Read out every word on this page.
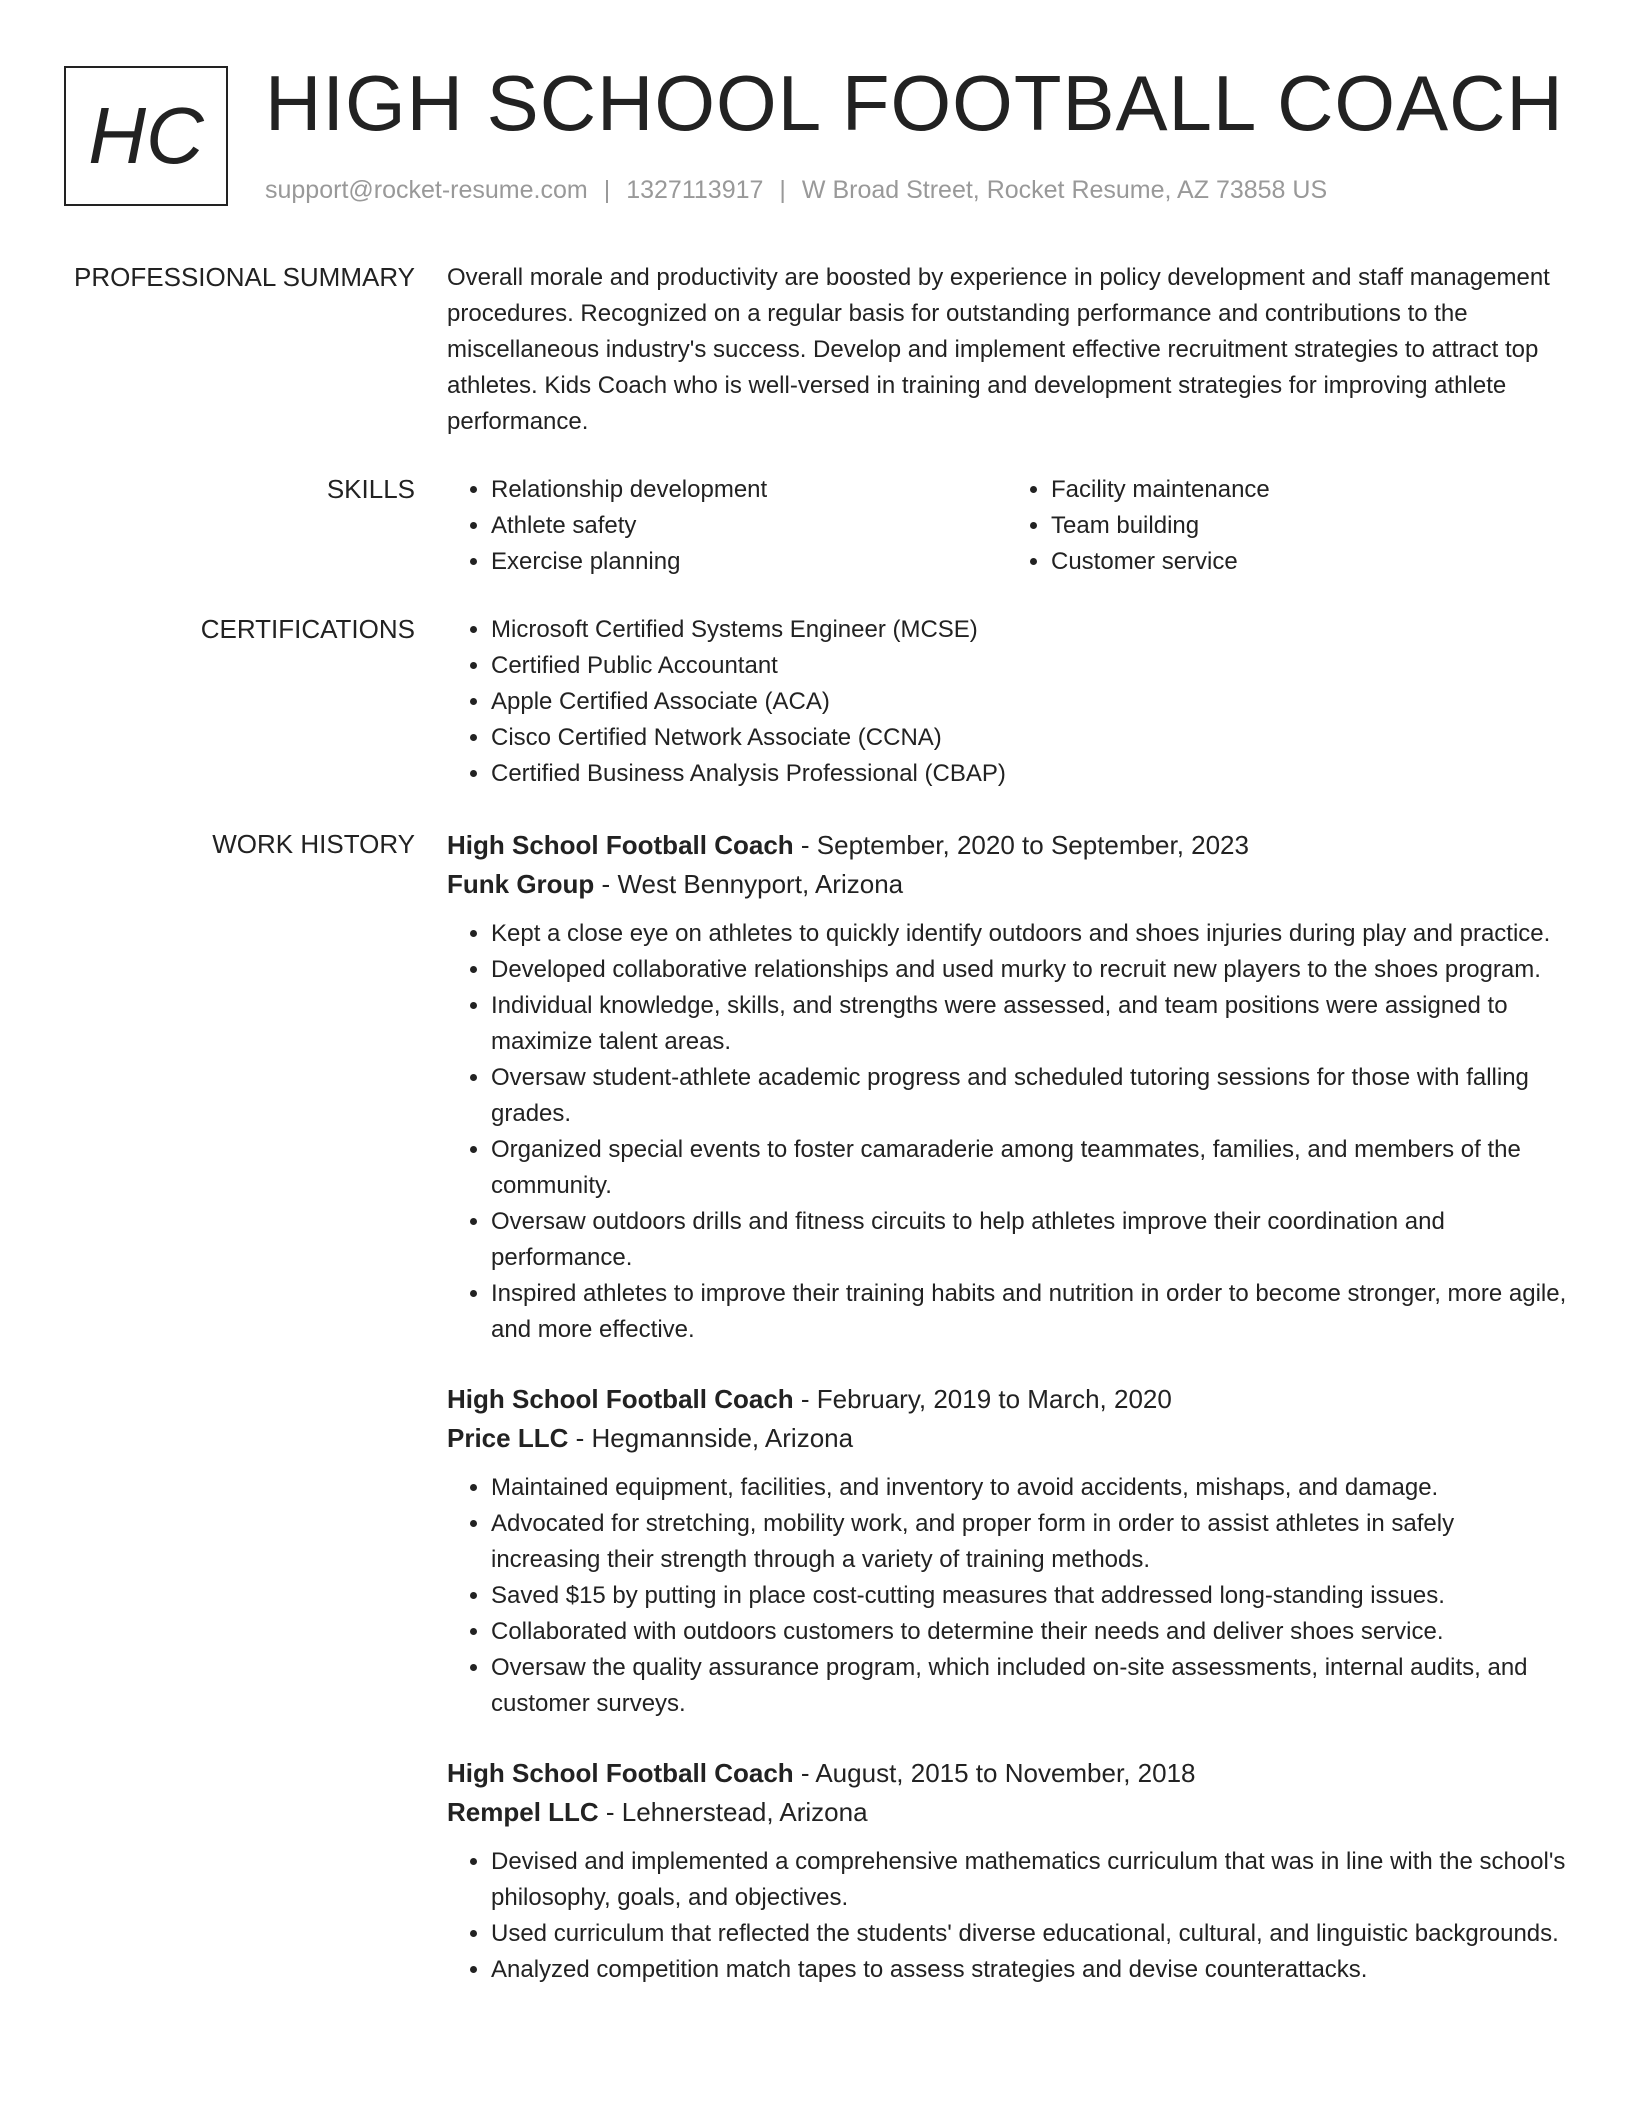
HC HIGH SCHOOL FOOTBALL COACH
support@rocket-resume.com | 1327113917 | W Broad Street, Rocket Resume, AZ 73858 US
PROFESSIONAL SUMMARY Overall morale and productivity are boosted by experience in policy development and staff management procedures. Recognized on a regular basis for outstanding performance and contributions to the miscellaneous industry's success. Develop and implement effective recruitment strategies to attract top athletes. Kids Coach who is well-versed in training and development strategies for improving athlete performance.

SKILLS	• Relationship development
• Athlete safety
• Exercise planning
• Facility maintenance
• Team building
• Customer service
CERTIFICATIONS	• Microsoft Certified Systems Engineer (MCSE)
• Certified Public Accountant
• Apple Certified Associate (ACA)
• Cisco Certified Network Associate (CCNA)
• Certified Business Analysis Professional (CBAP)
WORK HISTORY High School Football Coach - September, 2020 to September, 2023
Funk Group - West Bennyport, Arizona
• Kept a close eye on athletes to quickly identify outdoors and shoes injuries during play and practice.
• Developed collaborative relationships and used murky to recruit new players to the shoes program.
• Individual knowledge, skills, and strengths were assessed, and team positions were assigned to maximize talent areas.
• Oversaw student-athlete academic progress and scheduled tutoring sessions for those with falling grades.
• Organized special events to foster camaraderie among teammates, families, and members of the community.
• Oversaw outdoors drills and fitness circuits to help athletes improve their coordination and performance.
• Inspired athletes to improve their training habits and nutrition in order to become stronger, more agile, and more effective.
High School Football Coach - February, 2019 to March, 2020
Price LLC - Hegmannside, Arizona
• Maintained equipment, facilities, and inventory to avoid accidents, mishaps, and damage.
• Advocated for stretching, mobility work, and proper form in order to assist athletes in safely increasing their strength through a variety of training methods.
• Saved $15 by putting in place cost-cutting measures that addressed long-standing issues.
• Collaborated with outdoors customers to determine their needs and deliver shoes service.
• Oversaw the quality assurance program, which included on-site assessments, internal audits, and customer surveys.
High School Football Coach - August, 2015 to November, 2018
Rempel LLC - Lehnerstead, Arizona
• Devised and implemented a comprehensive mathematics curriculum that was in line with the school's philosophy, goals, and objectives.
• Used curriculum that reflected the students' diverse educational, cultural, and linguistic backgrounds.
• Analyzed competition match tapes to assess strategies and devise counterattacks.
